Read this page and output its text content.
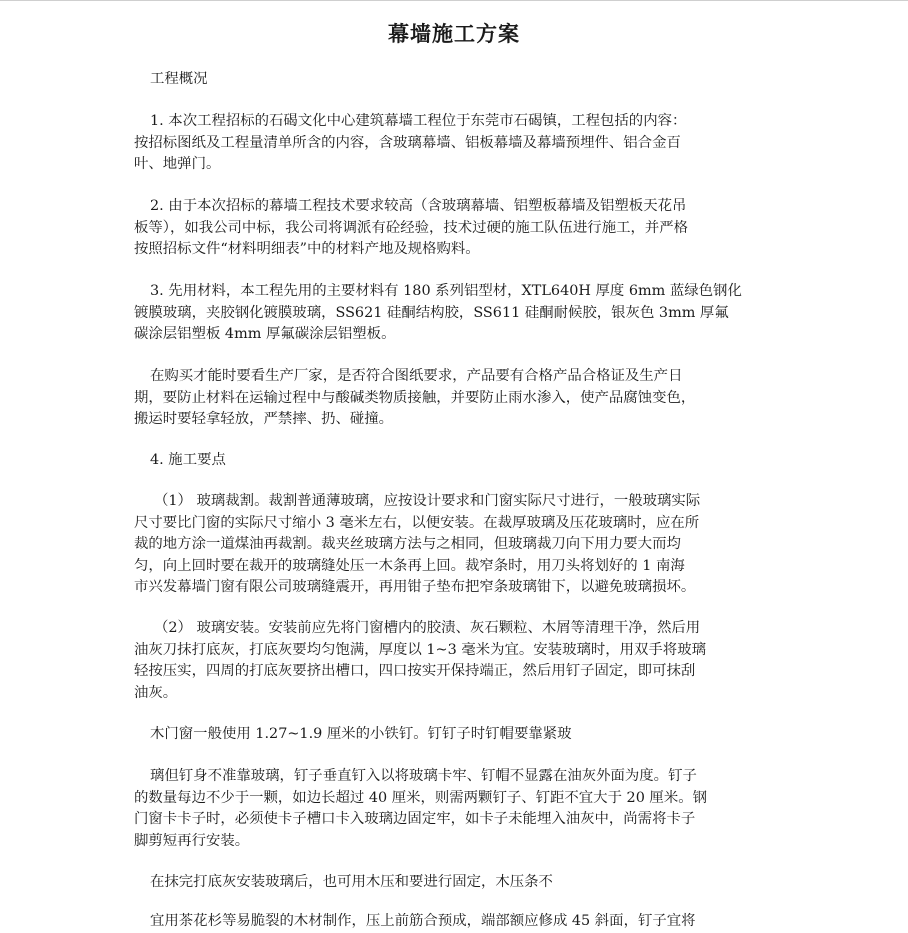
幕墙施工方案
工程概况
1. 本次工程招标的石碣文化中心建筑幕墙工程位于东莞市石碣镇，工程包括的内容：
按招标图纸及工程量清单所含的内容，含玻璃幕墙、铝板幕墙及幕墙预埋件、铝合金百
叶、地弹门。
2. 由于本次招标的幕墙工程技术要求较高（含玻璃幕墙、铝塑板幕墙及铝塑板天花吊
板等），如我公司中标，我公司将调派有砼经验，技术过硬的施工队伍进行施工，并严格
按照招标文件“材料明细表”中的材料产地及规格购料。
3. 先用材料，本工程先用的主要材料有 180 系列铝型材，XTL640H 厚度 6mm 蓝绿色钢化
镀膜玻璃，夹胶钢化镀膜玻璃，SS621 硅酮结构胶，SS611 硅酮耐候胶，银灰色 3mm 厚氟
碳涂层铝塑板 4mm 厚氟碳涂层铝塑板。
在购买才能时要看生产厂家，是否符合图纸要求，产品要有合格产品合格证及生产日
期，要防止材料在运输过程中与酸碱类物质接触，并要防止雨水渗入，使产品腐蚀变色，
搬运时要轻拿轻放，严禁摔、扔、碰撞。
4. 施工要点
（1） 玻璃裁割。裁割普通薄玻璃，应按设计要求和门窗实际尺寸进行，一般玻璃实际
尺寸要比门窗的实际尺寸缩小 3 毫米左右，以便安装。在裁厚玻璃及压花玻璃时，应在所
裁的地方涂一道煤油再裁割。裁夹丝玻璃方法与之相同，但玻璃裁刀向下用力要大而均
匀，向上回时要在裁开的玻璃缝处压一木条再上回。裁窄条时，用刀头将划好的 1 南海
市兴发幕墙门窗有限公司玻璃缝震开，再用钳子垫布把窄条玻璃钳下，以避免玻璃损坏。
（2） 玻璃安装。安装前应先将门窗槽内的胶渍、灰石颗粒、木屑等清理干净，然后用
油灰刀抹打底灰，打底灰要均匀饱满，厚度以 1~3 毫米为宜。安装玻璃时，用双手将玻璃
轻按压实，四周的打底灰要挤出槽口，四口按实开保持端正，然后用钉子固定，即可抹刮
油灰。
木门窗一般使用 1.27~1.9 厘米的小铁钉。钉钉子时钉帽要靠紧玻
璃但钉身不准靠玻璃，钉子垂直钉入以将玻璃卡牢、钉帽不显露在油灰外面为度。钉子
的数量每边不少于一颗，如边长超过 40 厘米，则需两颗钉子、钉距不宜大于 20 厘米。钢
门窗卡卡子时，必须使卡子槽口卡入玻璃边固定牢，如卡子未能埋入油灰中，尚需将卡子
脚剪短再行安装。
在抹完打底灰安装玻璃后，也可用木压和要进行固定，木压条不
宜用茶花杉等易脆裂的木材制作，压上前筋合预成，端部额应修成 45 斜面，钉子宜将
